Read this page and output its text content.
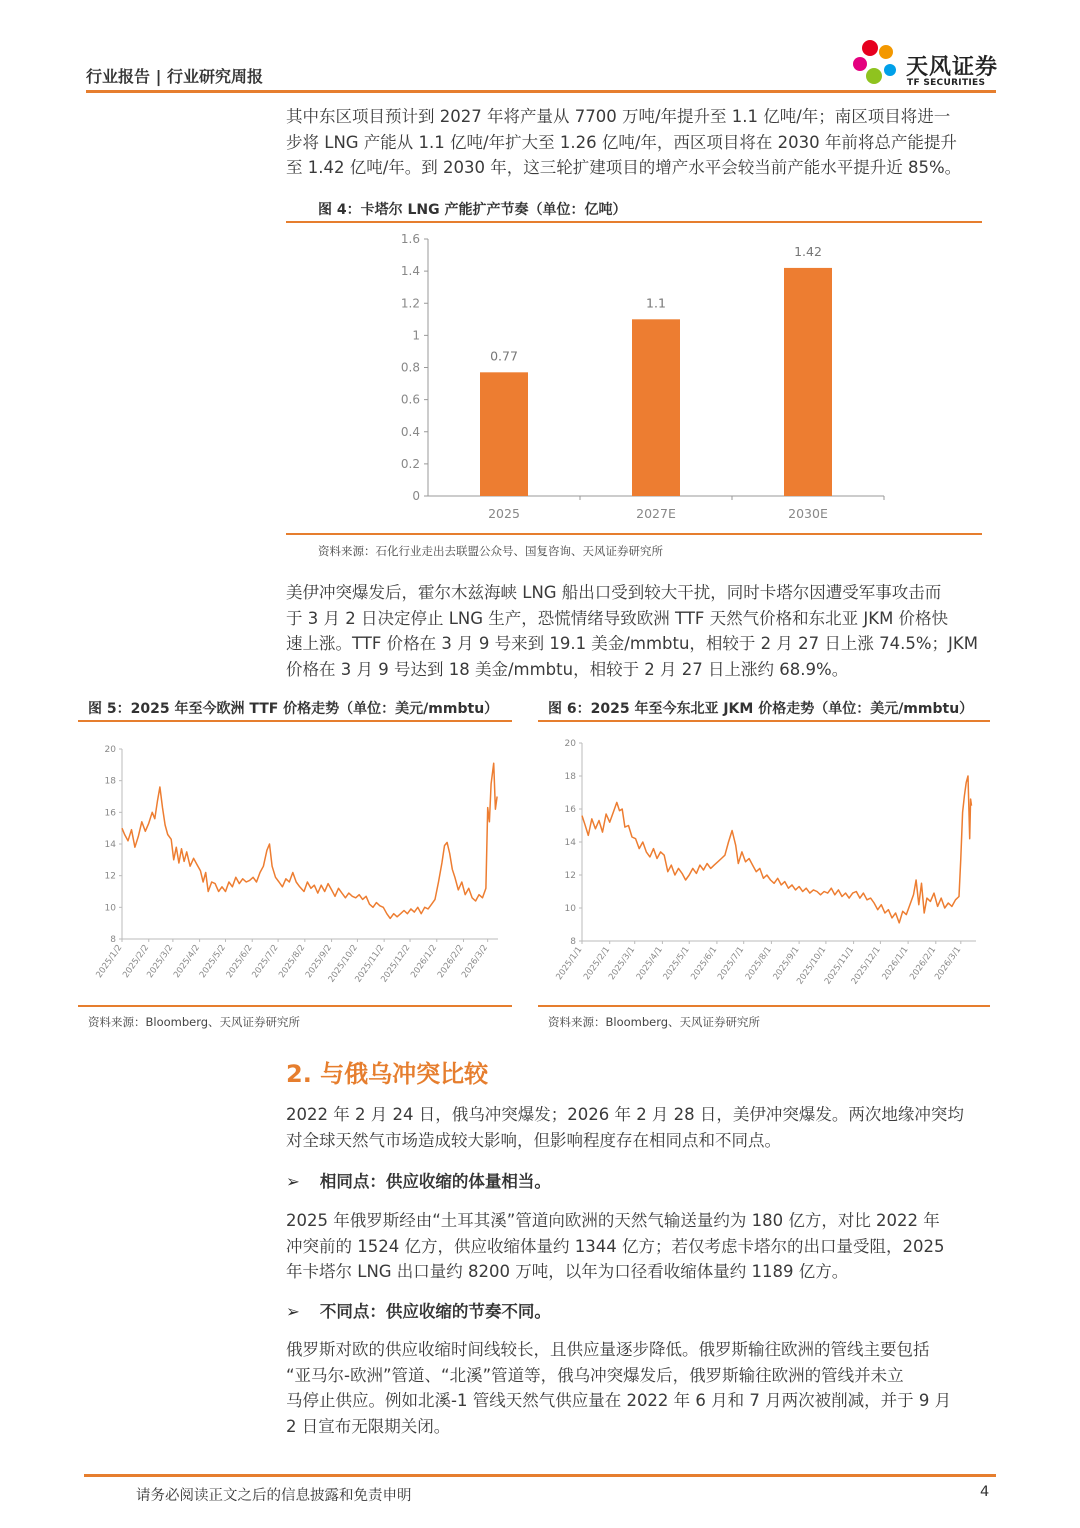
行业报告 | 行业研究周报	天风证券
TF SECURITIES
其中东区项目预计到 2027 年将产量从 7700 万吨/年提升至 1.1 亿吨/年；南区项目将进一
步将 LNG 产能从 1.1 亿吨/年扩大至 1.26 亿吨/年，西区项目将在 2030 年前将总产能提升
至 1.42 亿吨/年。到 2030 年，这三轮扩建项目的增产水平会较当前产能水平提升近 85%。
图 4：卡塔尔 LNG 产能扩产节奏（单位：亿吨）
0
0.2
0.4
0.6
0.8
1
1.2
1.4
1.6
0.77
2025
1.1
2027E
1.42
2030E
资料来源：石化行业走出去联盟公众号、国复咨询、天风证券研究所
美伊冲突爆发后，霍尔木兹海峡 LNG 船出口受到较大干扰，同时卡塔尔因遭受军事攻击而
于 3 月 2 日决定停止 LNG 生产，恐慌情绪导致欧洲 TTF 天然气价格和东北亚 JKM 价格快
速上涨。TTF 价格在 3 月 9 号来到 19.1 美金/mmbtu，相较于 2 月 27 日上涨 74.5%；JKM
价格在 3 月 9 号达到 18 美金/mmbtu，相较于 2 月 27 日上涨约 68.9%。
图 5：2025 年至今欧洲 TTF 价格走势（单位：美元/mmbtu）
8
10
12
14
16
18
20
2025/1/2
2025/2/2
2025/3/2
2025/4/2
2025/5/2
2025/6/2
2025/7/2
2025/8/2
2025/9/2
2025/10/2
2025/11/2
2025/12/2
2026/1/2
2026/2/2
2026/3/2
资料来源：Bloomberg、天风证券研究所
图 6：2025 年至今东北亚 JKM 价格走势（单位：美元/mmbtu）
8
10
12
14
16
18
20
2025/1/1
2025/2/1
2025/3/1
2025/4/1
2025/5/1
2025/6/1
2025/7/1
2025/8/1
2025/9/1
2025/10/1
2025/11/1
2025/12/1
2026/1/1
2026/2/1
2026/3/1
资料来源：Bloomberg、天风证券研究所
2. 与俄乌冲突比较
2022 年 2 月 24 日，俄乌冲突爆发；2026 年 2 月 28 日，美伊冲突爆发。两次地缘冲突均
对全球天然气市场造成较大影响，但影响程度存在相同点和不同点。
➢ 相同点：供应收缩的体量相当。
2025 年俄罗斯经由“土耳其溪”管道向欧洲的天然气输送量约为 180 亿方，对比 2022 年
冲突前的 1524 亿方，供应收缩体量约 1344 亿方；若仅考虑卡塔尔的出口量受阻，2025
年卡塔尔 LNG 出口量约 8200 万吨，以年为口径看收缩体量约 1189 亿方。
➢ 不同点：供应收缩的节奏不同。
俄罗斯对欧的供应收缩时间线较长，且供应量逐步降低。俄罗斯输往欧洲的管线主要包括
“亚马尔-欧洲”管道、“北溪”管道等，俄乌冲突爆发后，俄罗斯输往欧洲的管线并未立
马停止供应。例如北溪-1 管线天然气供应量在 2022 年 6 月和 7 月两次被削减，并于 9 月
2 日宣布无限期关闭。
请务必阅读正文之后的信息披露和免责申明	4
